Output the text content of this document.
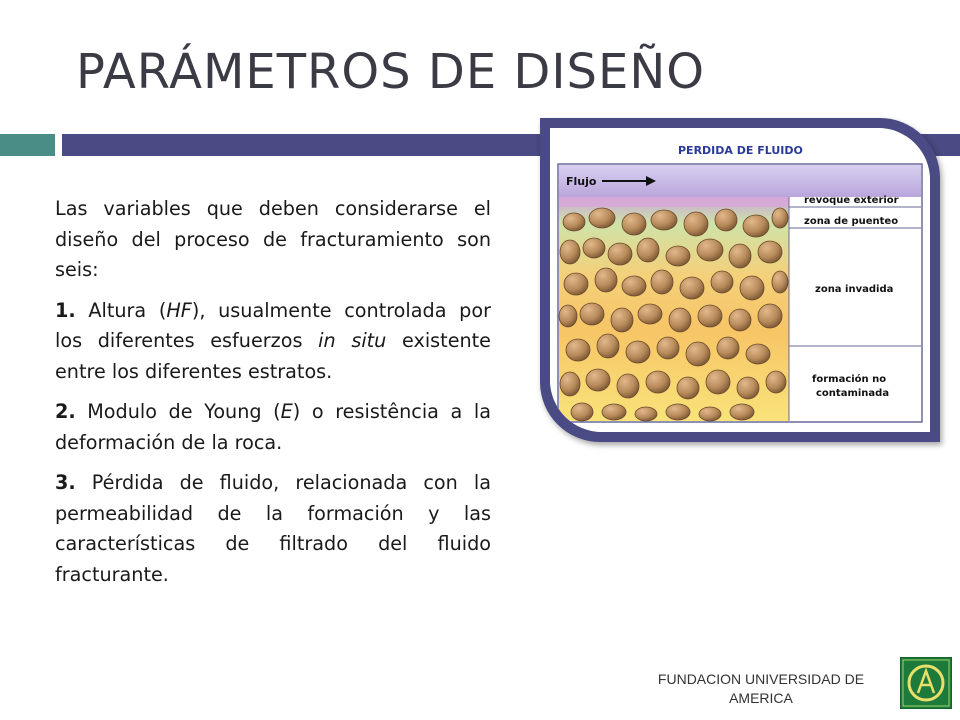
PARÁMETROS DE DISEÑO

Las variables que deben considerarse el diseño del proceso de fracturamiento son seis:

1. Altura (HF), usualmente controlada por los diferentes esfuerzos in situ existente entre los diferentes estratos.

2. Modulo de Young (E) o resistência a la deformación de la roca.

3. Pérdida de fluido, relacionada con la permeabilidad de la formación y las características de filtrado del fluido fracturante.

PERDIDA DE FLUIDO
Flujo
revoque exterior
zona de puenteo
zona invadida
formación no
contaminada
FUNDACION UNIVERSIDAD DE
AMERICA
